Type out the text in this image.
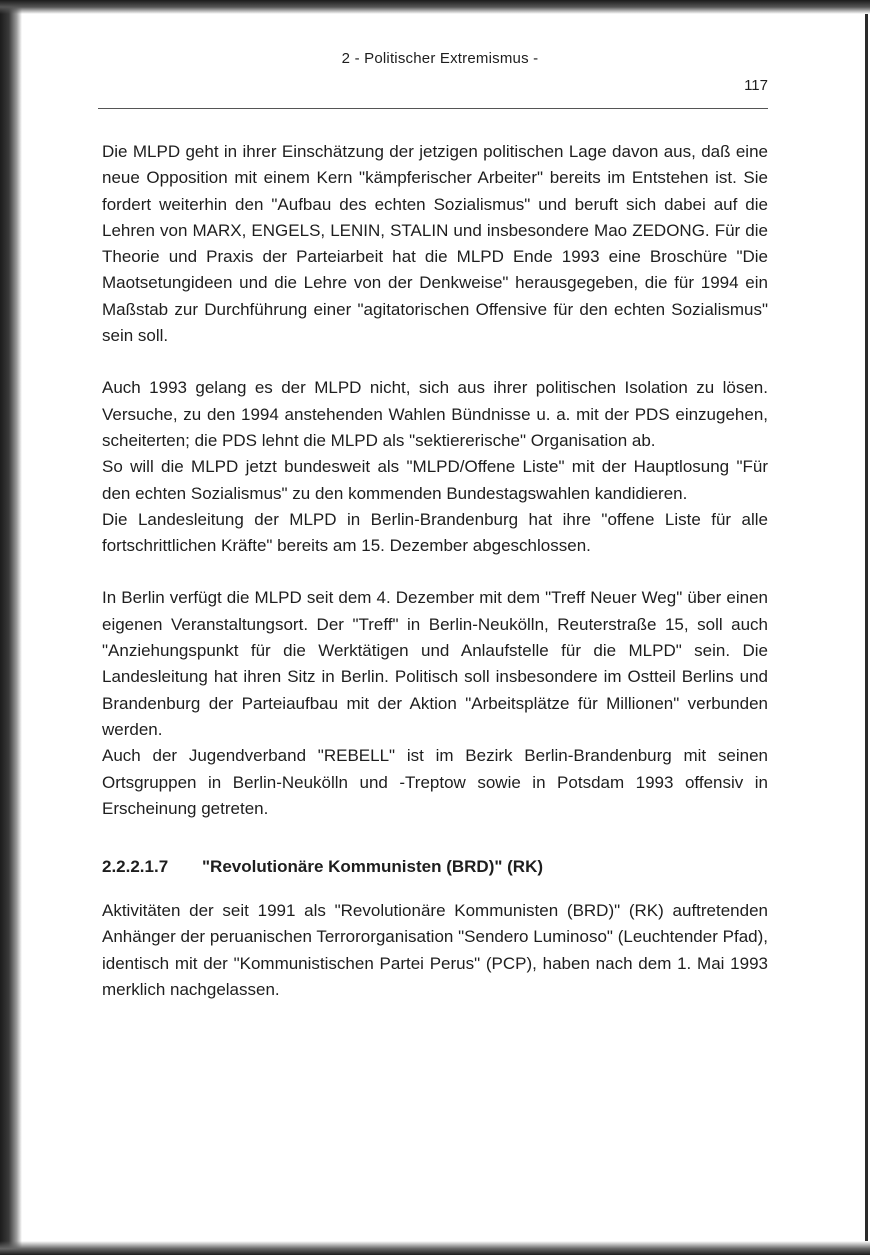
2 - Politischer Extremismus -
117

Die MLPD geht in ihrer Einschätzung der jetzigen politischen Lage davon aus, daß eine neue Opposition mit einem Kern "kämpferischer Arbeiter" bereits im Entstehen ist. Sie fordert weiterhin den "Aufbau des echten Sozialismus" und beruft sich dabei auf die Lehren von MARX, ENGELS, LENIN, STALIN und insbesondere Mao ZEDONG. Für die Theorie und Praxis der Parteiarbeit hat die MLPD Ende 1993 eine Broschüre "Die Maotsetungideen und die Lehre von der Denkweise" herausgegeben, die für 1994 ein Maßstab zur Durchführung einer "agitatorischen Offensive für den echten Sozialismus" sein soll.

Auch 1993 gelang es der MLPD nicht, sich aus ihrer politischen Isolation zu lösen. Versuche, zu den 1994 anstehenden Wahlen Bündnisse u. a. mit der PDS einzugehen, scheiterten; die PDS lehnt die MLPD als "sektiererische" Organisation ab.

So will die MLPD jetzt bundesweit als "MLPD/Offene Liste" mit der Hauptlosung "Für den echten Sozialismus" zu den kommenden Bundestagswahlen kandidieren.

Die Landesleitung der MLPD in Berlin-Brandenburg hat ihre "offene Liste für alle fortschrittlichen Kräfte" bereits am 15. Dezember abgeschlossen.

In Berlin verfügt die MLPD seit dem 4. Dezember mit dem "Treff Neuer Weg" über einen eigenen Veranstaltungsort. Der "Treff" in Berlin-Neukölln, Reuterstraße 15, soll auch "Anziehungspunkt für die Werktätigen und Anlaufstelle für die MLPD" sein. Die Landesleitung hat ihren Sitz in Berlin. Politisch soll insbesondere im Ostteil Berlins und Brandenburg der Parteiaufbau mit der Aktion "Arbeitsplätze für Millionen" verbunden werden.

Auch der Jugendverband "REBELL" ist im Bezirk Berlin-Brandenburg mit seinen Ortsgruppen in Berlin-Neukölln und -Treptow sowie in Potsdam 1993 offensiv in Erscheinung getreten.

2.2.2.1.7 "Revolutionäre Kommunisten (BRD)" (RK)

Aktivitäten der seit 1991 als "Revolutionäre Kommunisten (BRD)" (RK) auftretenden Anhänger der peruanischen Terrororganisation "Sendero Luminoso" (Leuchtender Pfad), identisch mit der "Kommunistischen Partei Perus" (PCP), haben nach dem 1. Mai 1993 merklich nachgelassen.
